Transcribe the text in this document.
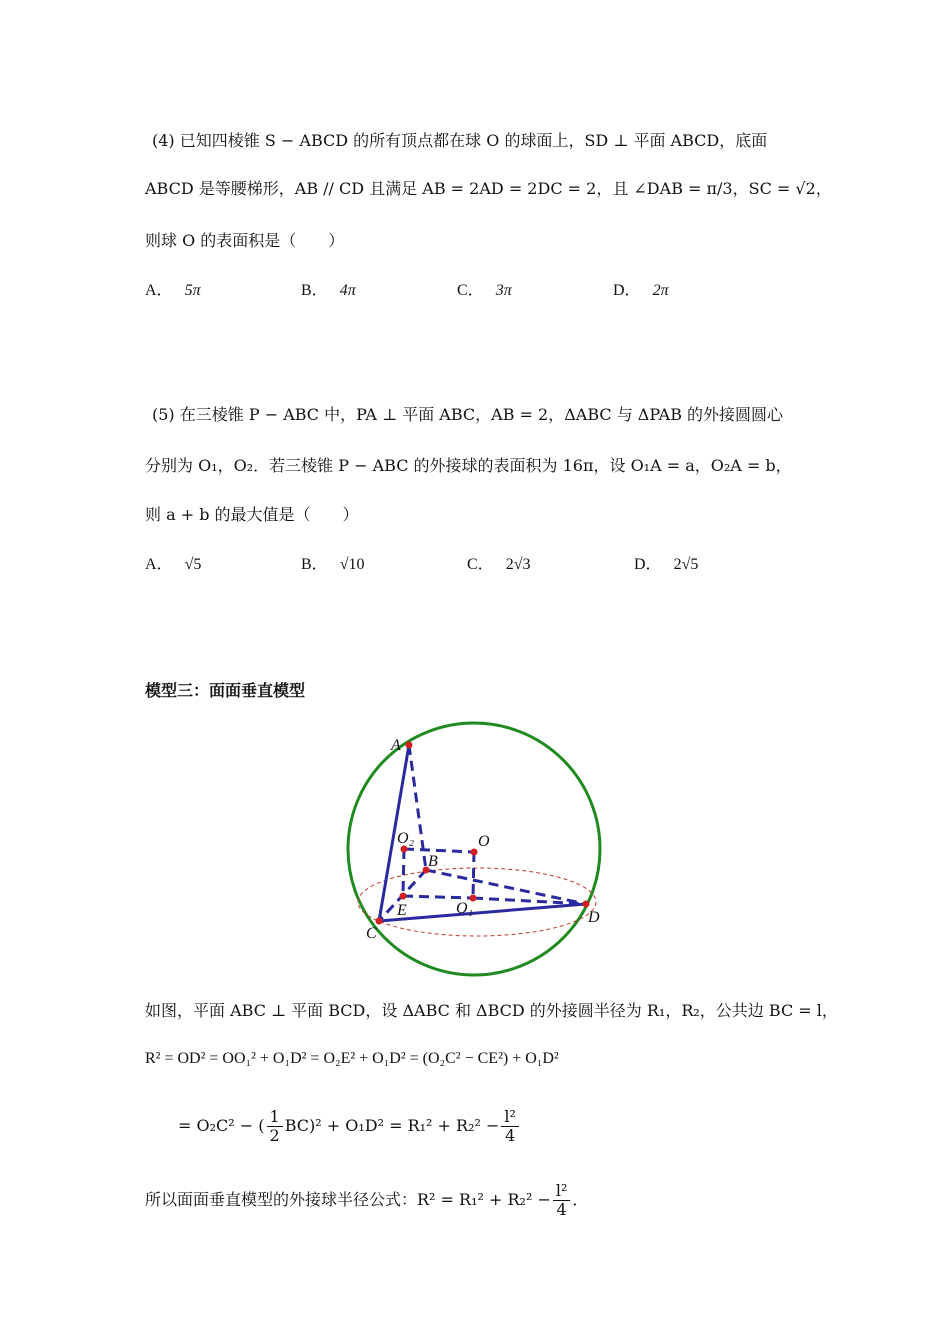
(4) 已知四棱锥 S − ABCD 的所有顶点都在球 O 的球面上，SD ⊥ 平面 ABCD，底面
ABCD 是等腰梯形，AB // CD 且满足 AB = 2AD = 2DC = 2，且 ∠DAB = π/3，SC = √2，
则球 O 的表面积是（　　）
A． 5π	B． 4π	C． 3π	D． 2π
(5) 在三棱锥 P − ABC 中，PA ⊥ 平面 ABC，AB = 2，ΔABC 与 ΔPAB 的外接圆圆心
分别为 O₁，O₂．若三棱锥 P − ABC 的外接球的表面积为 16π，设 O₁A = a，O₂A = b，
则 a + b 的最大值是（　　）
A． √5	B． √10	C． 2√3	D． 2√5
模型三：面面垂直模型
A
O₂	O
B
E	O₁
C
D
如图，平面 ABC ⊥ 平面 BCD，设 ΔABC 和 ΔBCD 的外接圆半径为 R₁，R₂，公共边 BC = l，
R² = OD² = OO₁² + O₁D² = O₂E² + O₁D² = (O₂C² − CE²) + O₁D²
= O₂C² − ( $\frac{1}{2} BC)^2 + O_1D^2 = R_1^2 + R_2^2 - \frac{\text{l²}}{4}$
所以面面垂直模型的外接球半径公式：$R^2 = R_1^2 + R_2^2 - \frac{\text{l²}}{4}$ ．
